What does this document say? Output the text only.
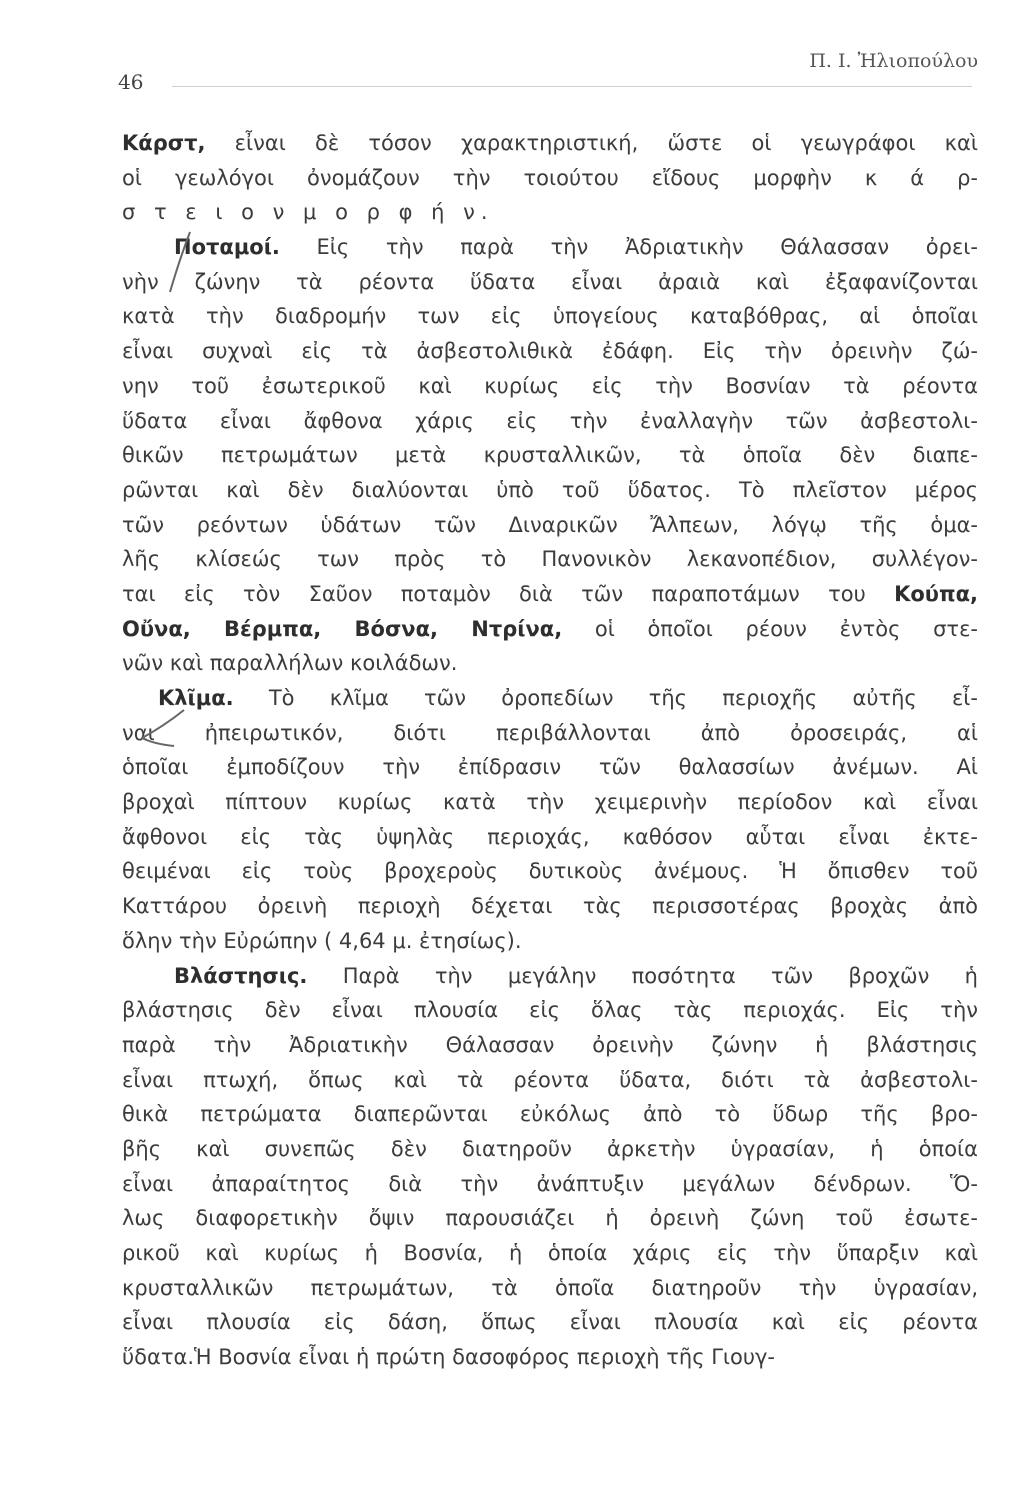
46
Π. Ι. Ἠλιοπούλου
Κάρστ, εἶναι δὲ τόσον χαρακτηριστική, ὥστε οἱ γεωγράφοι καὶ
οἱ γεωλόγοι ὀνομάζουν τὴν τοιούτου εἴδους μορφὴν κ ά ρ-
σ τ ε ι ο ν μ ο ρ φ ή ν.
Ποταμοί. Εἰς τὴν παρὰ τὴν Ἀδριατικὴν Θάλασσαν ὀρει-
νὴν ζώνην τὰ ρέοντα ὕδατα εἶναι ἀραιὰ καὶ ἐξαφανίζονται
κατὰ τὴν διαδρομήν των εἰς ὑπογείους καταβόθρας, αἱ ὁποῖαι
εἶναι συχναὶ εἰς τὰ ἀσβεστολιθικὰ ἐδάφη. Εἰς τὴν ὀρεινὴν ζώ-
νην τοῦ ἐσωτερικοῦ καὶ κυρίως εἰς τὴν Βοσνίαν τὰ ρέοντα
ὕδατα εἶναι ἄφθονα χάρις εἰς τὴν ἐναλλαγὴν τῶν ἀσβεστολι-
θικῶν πετρωμάτων μετὰ κρυσταλλικῶν, τὰ ὁποῖα δὲν διαπε-
ρῶνται καὶ δὲν διαλύονται ὑπὸ τοῦ ὕδατος. Τὸ πλεῖστον μέρος
τῶν ρεόντων ὑδάτων τῶν Διναρικῶν Ἄλπεων, λόγῳ τῆς ὁμα-
λῆς κλίσεώς των πρὸς τὸ Πανονικὸν λεκανοπέδιον, συλλέγον-
ται εἰς τὸν Σαῦον ποταμὸν διὰ τῶν παραποτάμων του Κούπα,
Οὔνα, Βέρμπα, Βόσνα, Ντρίνα, οἱ ὁποῖοι ρέουν ἐντὸς στε-
νῶν καὶ παραλλήλων κοιλάδων.
Κλῖμα. Τὸ κλῖμα τῶν ὀροπεδίων τῆς περιοχῆς αὐτῆς εἶ-
ναι ἠπειρωτικόν, διότι περιβάλλονται ἀπὸ ὀροσειράς, αἱ
ὁποῖαι ἐμποδίζουν τὴν ἐπίδρασιν τῶν θαλασσίων ἀνέμων. Αἱ
βροχαὶ πίπτουν κυρίως κατὰ τὴν χειμερινὴν περίοδον καὶ εἶναι
ἄφθονοι εἰς τὰς ὑψηλὰς περιοχάς, καθόσον αὗται εἶναι ἐκτε-
θειμέναι εἰς τοὺς βροχεροὺς δυτικοὺς ἀνέμους. Ἡ ὄπισθεν τοῦ
Καττάρου ὀρεινὴ περιοχὴ δέχεται τὰς περισσοτέρας βροχὰς ἀπὸ
ὅλην τὴν Εὐρώπην ( 4,64 μ. ἐτησίως).
Βλάστησις. Παρὰ τὴν μεγάλην ποσότητα τῶν βροχῶν ἡ
βλάστησις δὲν εἶναι πλουσία εἰς ὅλας τὰς περιοχάς. Εἰς τὴν
παρὰ τὴν Ἀδριατικὴν Θάλασσαν ὀρεινὴν ζώνην ἡ βλάστησις
εἶναι πτωχή, ὅπως καὶ τὰ ρέοντα ὕδατα, διότι τὰ ἀσβεστολι-
θικὰ πετρώματα διαπερῶνται εὐκόλως ἀπὸ τὸ ὕδωρ τῆς βρο-
βῆς καὶ συνεπῶς δὲν διατηροῦν ἀρκετὴν ὑγρασίαν, ἡ ὁποία
εἶναι ἀπαραίτητος διὰ τὴν ἀνάπτυξιν μεγάλων δένδρων. Ὅ-
λως διαφορετικὴν ὄψιν παρουσιάζει ἡ ὀρεινὴ ζώνη τοῦ ἐσωτε-
ρικοῦ καὶ κυρίως ἡ Βοσνία, ἡ ὁποία χάρις εἰς τὴν ὕπαρξιν καὶ
κρυσταλλικῶν πετρωμάτων, τὰ ὁποῖα διατηροῦν τὴν ὑγρασίαν,
εἶναι πλουσία εἰς δάση, ὅπως εἶναι πλουσία καὶ εἰς ρέοντα
ὕδατα.Ἡ Βοσνία εἶναι ἡ πρώτη δασοφόρος περιοχὴ τῆς Γιουγ-
